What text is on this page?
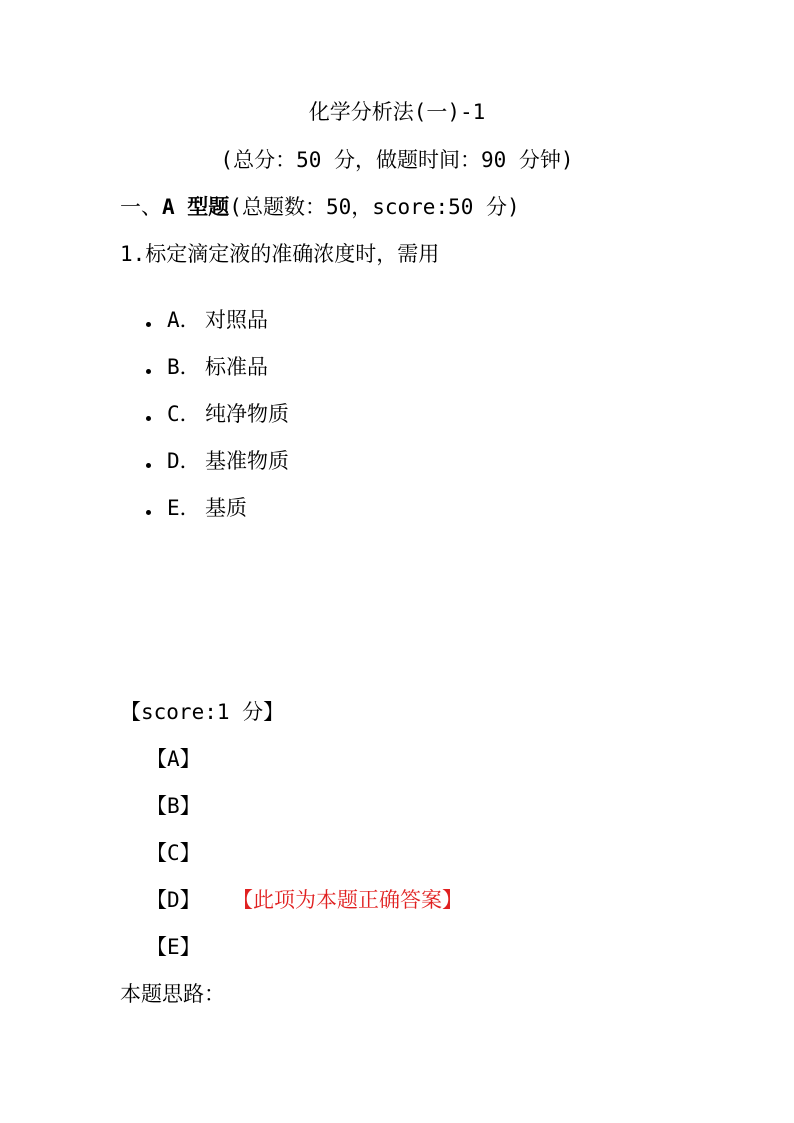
化学分析法(一)-1
(总分：50 分，做题时间：90 分钟)
一、A 型题(总题数：50，score:50 分)
1.标定滴定液的准确浓度时，需用
A． 对照品
B． 标准品
C． 纯净物质
D． 基准物质
E． 基质
【score:1 分】
【A】
【B】
【C】
【D】 【此项为本题正确答案】
【E】
本题思路：
